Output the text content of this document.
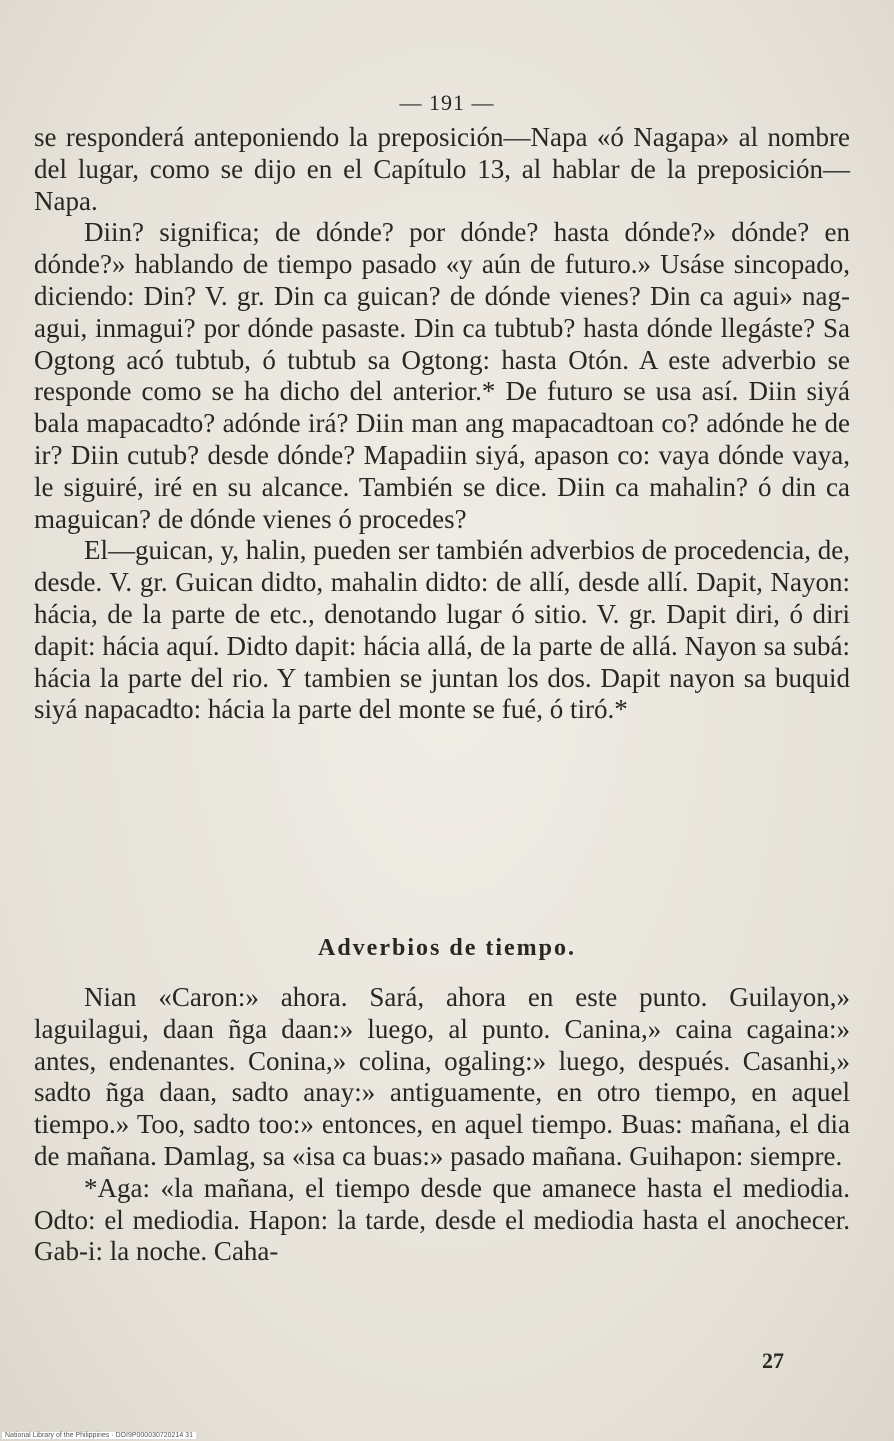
— 191 —

se responderá anteponiendo la preposición—Napa «ó Nagapa» al nombre del lugar, como se dijo en el Capítulo 13, al hablar de la preposición—Napa.

Diin? significa; de dónde? por dónde? hasta dónde?» dónde? en dónde?» hablando de tiempo pasado «y aún de futuro.» Usáse sincopado, diciendo: Din? V. gr. Din ca guican? de dónde vienes? Din ca agui» nag-agui, inmagui? por dónde pasaste. Din ca tubtub? hasta dónde llegáste? Sa Ogtong acó tubtub, ó tubtub sa Ogtong: hasta Otón. A este adverbio se responde como se ha dicho del anterior.* De futuro se usa así. Diin siyá bala mapacadto? adónde irá? Diin man ang mapacadtoan co? adónde he de ir? Diin cutub? desde dónde? Mapadiin siyá, apason co: vaya dónde vaya, le siguiré, iré en su alcance. También se dice. Diin ca mahalin? ó din ca maguican? de dónde vienes ó procedes?

El—guican, y, halin, pueden ser también adverbios de procedencia, de, desde. V. gr. Guican didto, mahalin didto: de allí, desde allí. Dapit, Nayon: hácia, de la parte de etc., denotando lugar ó sitio. V. gr. Dapit diri, ó diri dapit: hácia aquí. Didto dapit: hácia allá, de la parte de allá. Nayon sa subá: hácia la parte del rio. Y tambien se juntan los dos. Dapit nayon sa buquid siyá napacadto: hácia la parte del monte se fué, ó tiró.*

Adverbios de tiempo.

Nian «Caron:» ahora. Sará, ahora en este punto. Guilayon,» laguilagui, daan ñga daan:» luego, al punto. Canina,» caina cagaina:» antes, endenantes. Conina,» colina, ogaling:» luego, después. Casanhi,» sadto ñga daan, sadto anay:» antiguamente, en otro tiempo, en aquel tiempo.» Too, sadto too:» entonces, en aquel tiempo. Buas: mañana, el dia de mañana. Damlag, sa «isa ca buas:» pasado mañana. Guihapon: siempre.

*Aga: «la mañana, el tiempo desde que amanece hasta el mediodia. Odto: el mediodia. Hapon: la tarde, desde el mediodia hasta el anochecer. Gab-i: la noche. Caha-

27
National Library of the Philippines · DOI9P000030720214 31
